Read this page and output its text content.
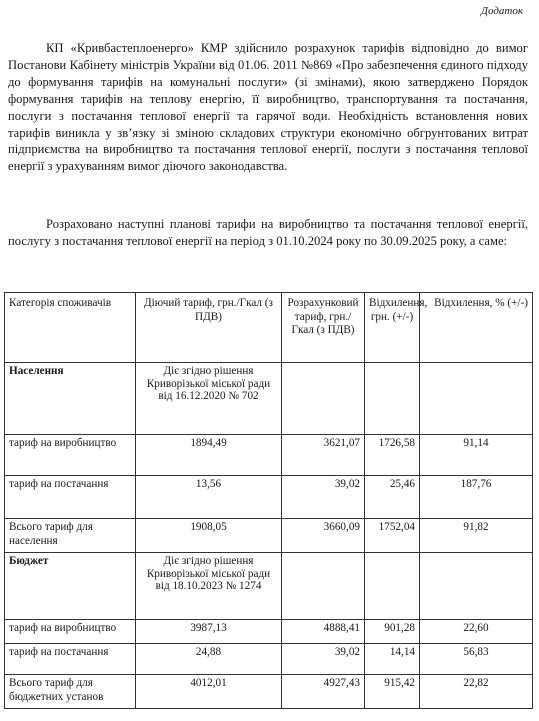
Додаток

КП «Кривбастеплоенерго» КМР здійснило розрахунок тарифів відповідно до вимог Постанови Кабінету міністрів України від 01.06. 2011 №869 «Про забезпечення єдиного підходу до формування тарифів на комунальні послуги» (зі змінами), якою затверджено Порядок формування тарифів на теплову енергію, її виробництво, транспортування та постачання, послуги з постачання теплової енергії та гарячої води. Необхідність встановлення нових тарифів виникла у зв’язку зі зміною складових структури економічно обгрунтованих витрат підприємства на виробництво та постачання теплової енергії, послуги з постачання теплової енергії з урахуванням вимог діючого законодавства.

Розраховано наступні планові тарифи на виробництво та постачання теплової енергії, послугу з постачання теплової енергії на період з 01.10.2024 року по 30.09.2025 року, а саме:

Категорія споживачів	Діючий тариф, грн./Гкал (з ПДВ)	Розрахунковий тариф, грн./Гкал (з ПДВ)	Відхилення, грн. (+/-)	Відхилення, % (+/-)
Населення	Діє згідно рішення Криворізької міської ради від 16.12.2020 № 702			
тариф на виробництво	1894,49	3621,07	1726,58	91,14
тариф на постачання	13,56	39,02	25,46	187,76
Всього тариф для населення	1908,05	3660,09	1752,04	91,82
Бюджет	Діє згідно рішення Криворізької міської ради від 18.10.2023 № 1274			
тариф на виробництво	3987,13	4888,41	901,28	22,60
тариф на постачання	24,88	39,02	14,14	56,83
Всього тариф для бюджетних установ	4012,01	4927,43	915,42	22,82
